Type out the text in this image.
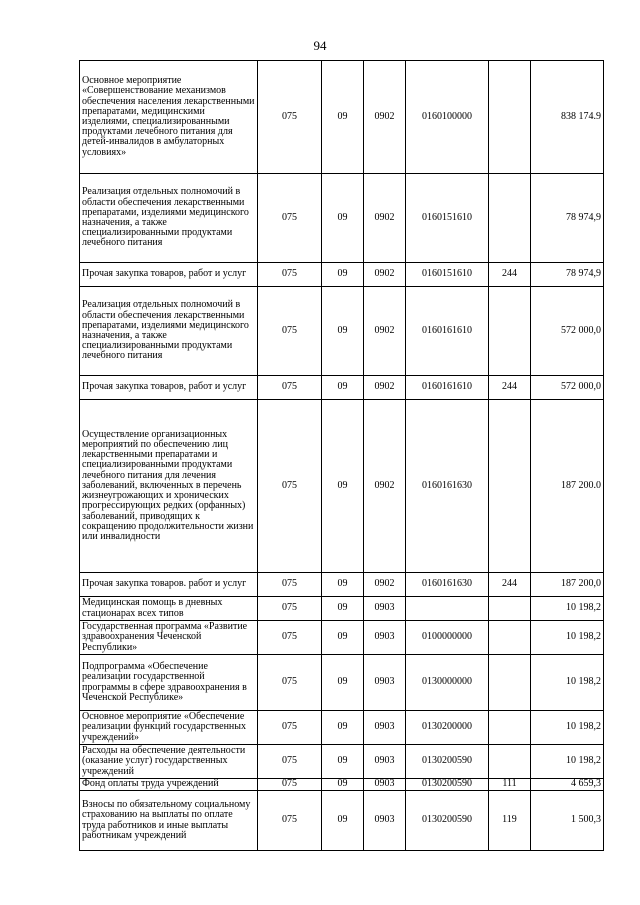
94
Основное мероприятие «Совершенствование механизмов обеспечения населения лекарственными препаратами, медицинскими изделиями, специализированными продуктами лечебного питания для детей-инвалидов в амбулаторных условиях»	075	09	0902	0160100000		838 174.9
Реализация отдельных полномочий в области обеспечения лекарственными препаратами, изделиями медицинского назначения, а также специализированными продуктами лечебного питания	075	09	0902	0160151610		78 974,9
Прочая закупка товаров, работ и услуг	075	09	0902	0160151610	244	78 974,9
Реализация отдельных полномочий в области обеспечения лекарственными препаратами, изделиями медицинского назначения, а также специализированными продуктами лечебного питания	075	09	0902	0160161610		572 000,0
Прочая закупка товаров, работ и услуг	075	09	0902	0160161610	244	572 000,0
Осуществление организационных мероприятий по обеспечению лиц лекарственными препаратами и специализированными продуктами лечебного питания для лечения заболеваний, включенных в перечень жизнеугрожающих и хронических прогрессирующих редких (орфанных) заболеваний, приводящих к сокращению продолжительности жизни или инвалидности	075	09	0902	0160161630		187 200.0
Прочая закупка товаров. работ и услуг	075	09	0902	0160161630	244	187 200,0
Медицинская помощь в дневных стационарах всех типов	075	09	0903			10 198,2
Государственная программа «Развитие здравоохранения Чеченской Республики»	075	09	0903	0100000000		10 198,2
Подпрограмма «Обеспечение реализации государственной программы в сфере здравоохранения в Чеченской Республике»	075	09	0903	0130000000		10 198,2
Основное мероприятие «Обеспечение реализации функций государственных учреждений»	075	09	0903	0130200000		10 198,2
Расходы на обеспечение деятельности (оказание услуг) государственных учреждений	075	09	0903	0130200590		10 198,2
Фонд оплаты труда учреждений	075	09	0903	0130200590	111	4 659,3
Взносы по обязательному социальному страхованию на выплаты по оплате труда работников и иные выплаты работникам учреждений	075	09	0903	0130200590	119	1 500,3
